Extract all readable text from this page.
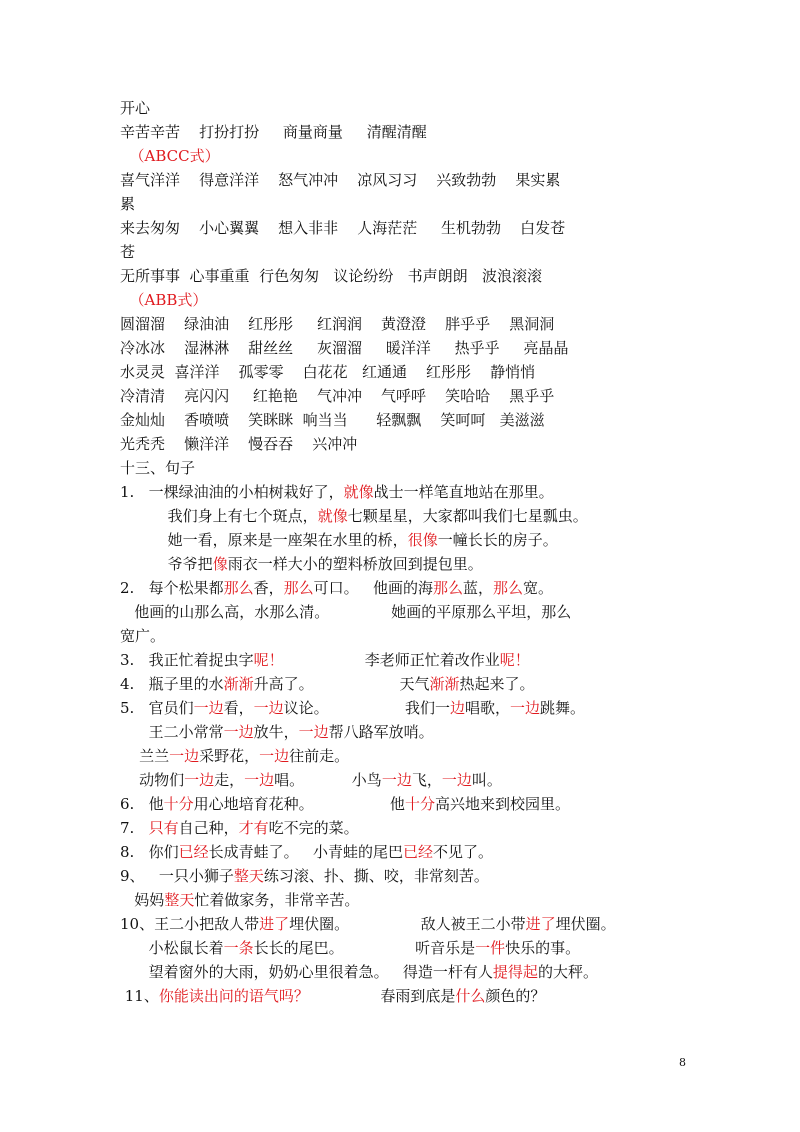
开心
辛苦辛苦    打扮打扮     商量商量     清醒清醒
（ABCC式）
喜气洋洋    得意洋洋    怒气冲冲    凉风习习    兴致勃勃    果实累
累
来去匆匆    小心翼翼    想入非非    人海茫茫     生机勃勃    白发苍
苍
无所事事  心事重重  行色匆匆   议论纷纷   书声朗朗   波浪滚滚
（ABB式）
圆溜溜    绿油油    红彤彤     红润润    黄澄澄    胖乎乎    黑洞洞
冷冰冰    湿淋淋    甜丝丝     灰溜溜     暖洋洋     热乎乎     亮晶晶
水灵灵  喜洋洋    孤零零    白花花   红通通    红彤彤    静悄悄
冷清清    亮闪闪     红艳艳    气冲冲    气呼呼    笑哈哈    黑乎乎
金灿灿    香喷喷    笑眯眯  响当当      轻飘飘    笑呵呵   美滋滋
光秃秃    懒洋洋    慢吞吞    兴冲冲
十三、句子
1.   一棵绿油油的小柏树栽好了，就像战士一样笔直地站在那里。
我们身上有七个斑点，就像七颗星星，大家都叫我们七星瓢虫。
她一看，原来是一座架在水里的桥，很像一幢长长的房子。
爷爷把像雨衣一样大小的塑料桥放回到提包里。
2.   每个松果都那么香，那么可口。   他画的海那么蓝，那么宽。
他画的山那么高，水那么清。             她画的平原那么平坦，那么
宽广。
3.   我正忙着捉虫字呢！                 李老师正忙着改作业呢！
4.   瓶子里的水渐渐升高了。                  天气渐渐热起来了。
5.   官员们一边看，一边议论。                我们一边唱歌，一边跳舞。
王二小常常一边放牛，一边帮八路军放哨。
兰兰一边采野花，一边往前走。
动物们一边走，一边唱。          小鸟一边飞，一边叫。
6.   他十分用心地培育花种。                他十分高兴地来到校园里。
7.   只有自己种，才有吃不完的菜。
8.   你们已经长成青蛙了。   小青蛙的尾巴已经不见了。
9、   一只小狮子整天练习滚、扑、撕、咬，非常刻苦。
妈妈整天忙着做家务，非常辛苦。
10、王二小把敌人带进了埋伏圈。               敌人被王二小带进了埋伏圈。
小松鼠长着一条长长的尾巴。               听音乐是一件快乐的事。
望着窗外的大雨，奶奶心里很着急。   得造一杆有人提得起的大秤。
11、你能读出问的语气吗？               春雨到底是什么颜色的？
8
